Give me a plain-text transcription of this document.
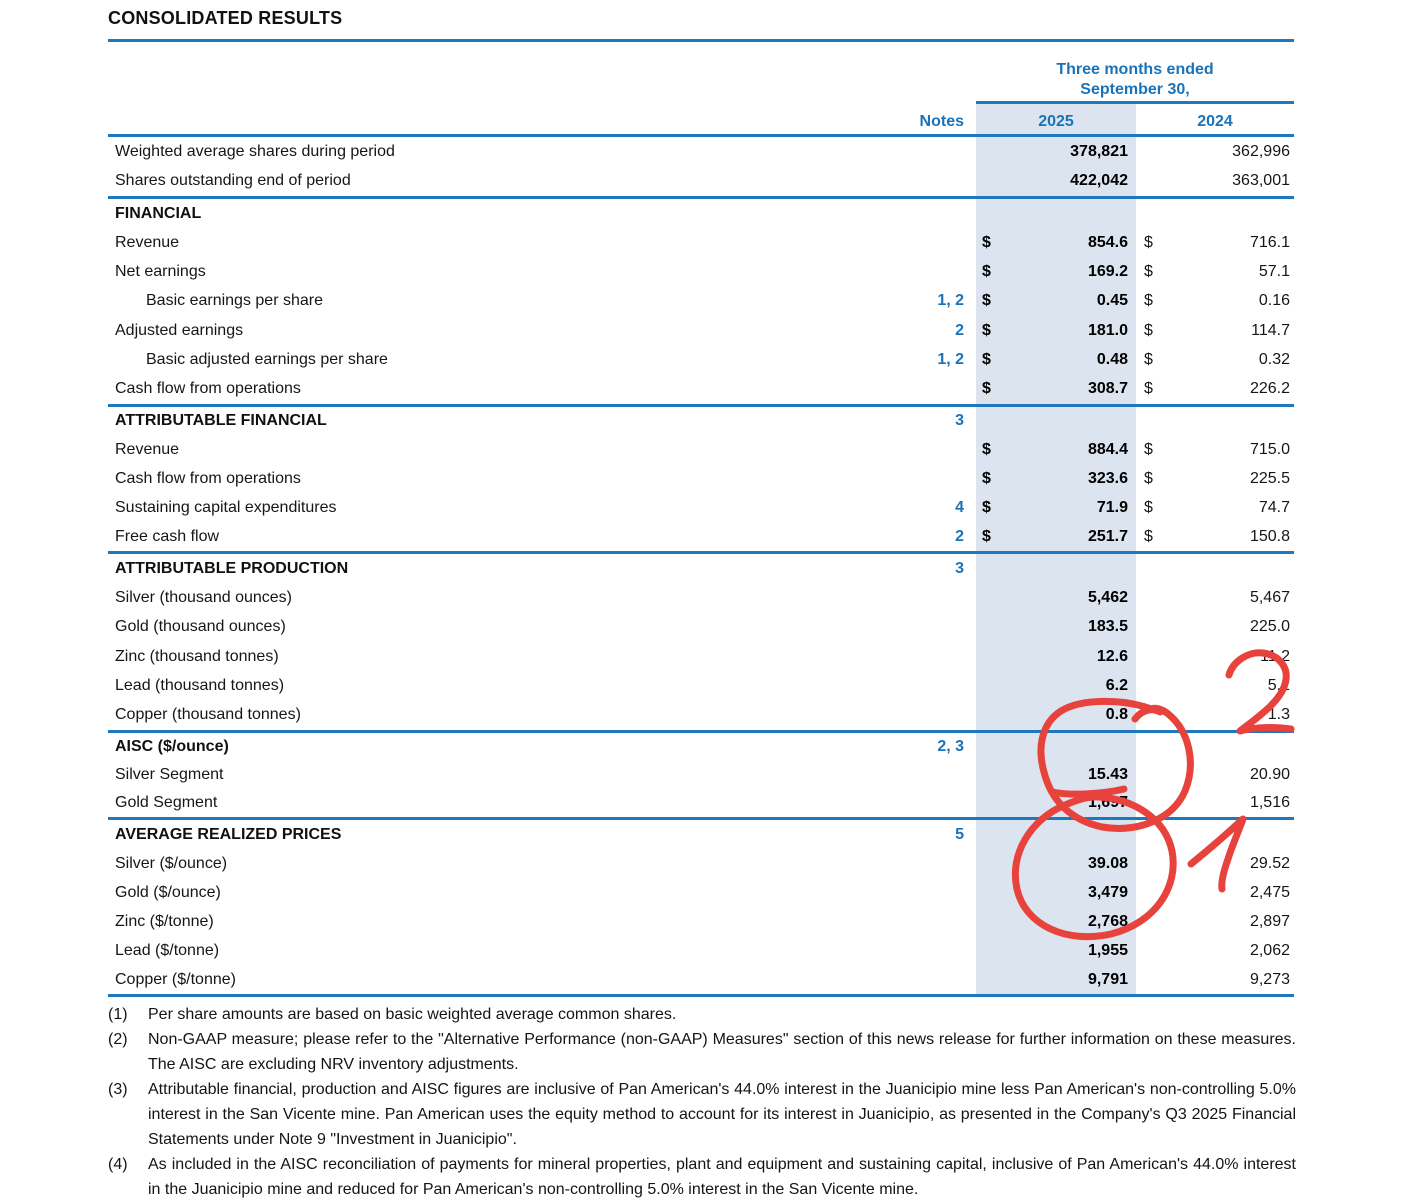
CONSOLIDATED RESULTS
Three months ended
September 30,
Notes	2025	2024
Weighted average shares during period	378,821	362,996
Shares outstanding end of period	422,042	363,001
FINANCIAL
Revenue	$	854.6 $	716.1
Net earnings	$	169.2 $	57.1
Basic earnings per share	1, 2	$	0.45 $	0.16
Adjusted earnings	2	$	181.0 $	114.7
Basic adjusted earnings per share	1, 2	$	0.48 $	0.32
Cash flow from operations	$	308.7 $	226.2
ATTRIBUTABLE FINANCIAL	3
Revenue	$	884.4 $	715.0
Cash flow from operations	$	323.6 $	225.5
Sustaining capital expenditures	4	$	71.9 $	74.7
Free cash flow	2	$	251.7 $	150.8
ATTRIBUTABLE PRODUCTION	3
Silver (thousand ounces)	5,462	5,467
Gold (thousand ounces)	183.5	225.0
Zinc (thousand tonnes)	12.6	11.2
Lead (thousand tonnes)	6.2	5.2
Copper (thousand tonnes)	0.8	1.3
AISC ($/ounce)	2, 3
Silver Segment	15.43	20.90
Gold Segment	1,697	1,516
AVERAGE REALIZED PRICES	5
Silver ($/ounce)	39.08	29.52
Gold ($/ounce)	3,479	2,475
Zinc ($/tonne)	2,768	2,897
Lead ($/tonne)	1,955	2,062
Copper ($/tonne)	9,791	9,273
(1) Per share amounts are based on basic weighted average common shares.
(2) Non-GAAP measure; please refer to the "Alternative Performance (non-GAAP) Measures" section of this news release for further information on these measures. The AISC are excluding NRV inventory adjustments.
(3) Attributable financial, production and AISC figures are inclusive of Pan American's 44.0% interest in the Juanicipio mine less Pan American's non-controlling 5.0% interest in the San Vicente mine. Pan American uses the equity method to account for its interest in Juanicipio, as presented in the Company's Q3 2025 Financial Statements under Note 9 "Investment in Juanicipio".
(4) As included in the AISC reconciliation of payments for mineral properties, plant and equipment and sustaining capital, inclusive of Pan American's 44.0% interest in the Juanicipio mine and reduced for Pan American's non-controlling 5.0% interest in the San Vicente mine.
